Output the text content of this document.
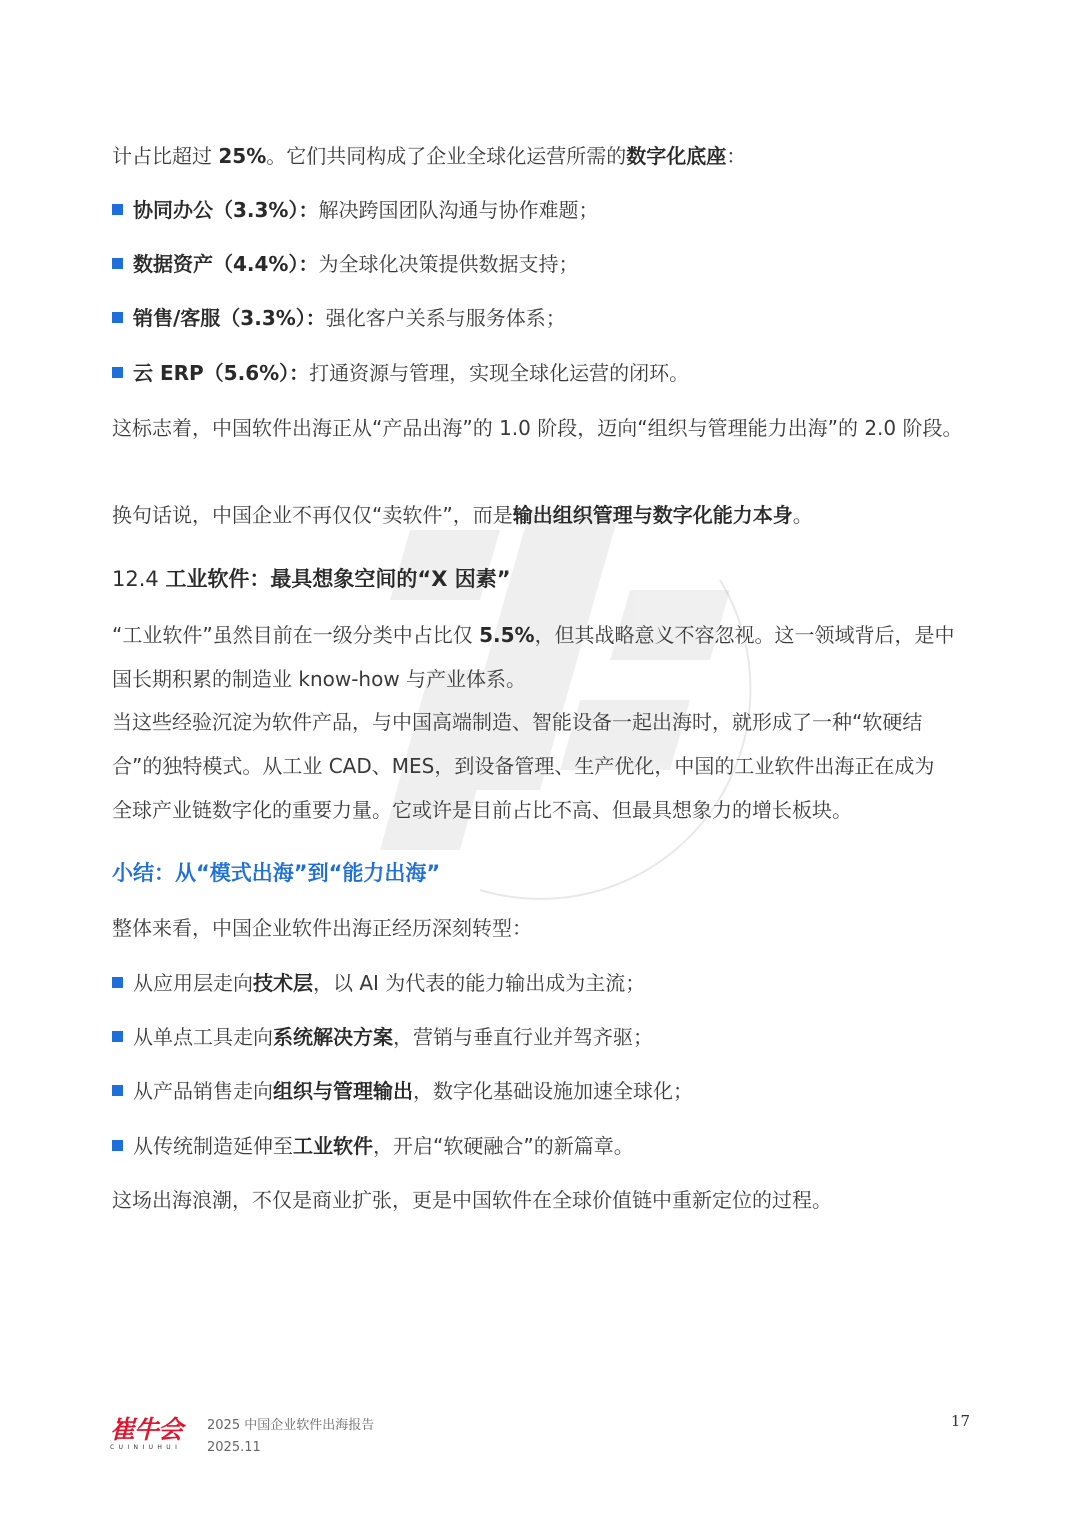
计占比超过 25%。它们共同构成了企业全球化运营所需的数字化底座：
协同办公（3.3%）：解决跨国团队沟通与协作难题；
数据资产（4.4%）：为全球化决策提供数据支持；
销售/客服（3.3%）：强化客户关系与服务体系；
云 ERP（5.6%）：打通资源与管理，实现全球化运营的闭环。
这标志着，中国软件出海正从“产品出海”的 1.0 阶段，迈向“组织与管理能力出海”的 2.0 阶段。
换句话说，中国企业不再仅仅“卖软件”，而是输出组织管理与数字化能力本身。
12.4 工业软件：最具想象空间的“X 因素”
“工业软件”虽然目前在一级分类中占比仅 5.5%，但其战略意义不容忽视。这一领域背后，是中国长期积累的制造业 know-how 与产业体系。
当这些经验沉淀为软件产品，与中国高端制造、智能设备一起出海时，就形成了一种“软硬结合”的独特模式。从工业 CAD、MES，到设备管理、生产优化，中国的工业软件出海正在成为全球产业链数字化的重要力量。它或许是目前占比不高、但最具想象力的增长板块。
小结：从“模式出海”到“能力出海”
整体来看，中国企业软件出海正经历深刻转型：
从应用层走向技术层，以 AI 为代表的能力输出成为主流；
从单点工具走向系统解决方案，营销与垂直行业并驾齐驱；
从产品销售走向组织与管理输出，数字化基础设施加速全球化；
从传统制造延伸至工业软件，开启“软硬融合”的新篇章。
这场出海浪潮，不仅是商业扩张，更是中国软件在全球价值链中重新定位的过程。
崔牛会
CUINIUHUI
2025 中国企业软件出海报告
2025.11
17
